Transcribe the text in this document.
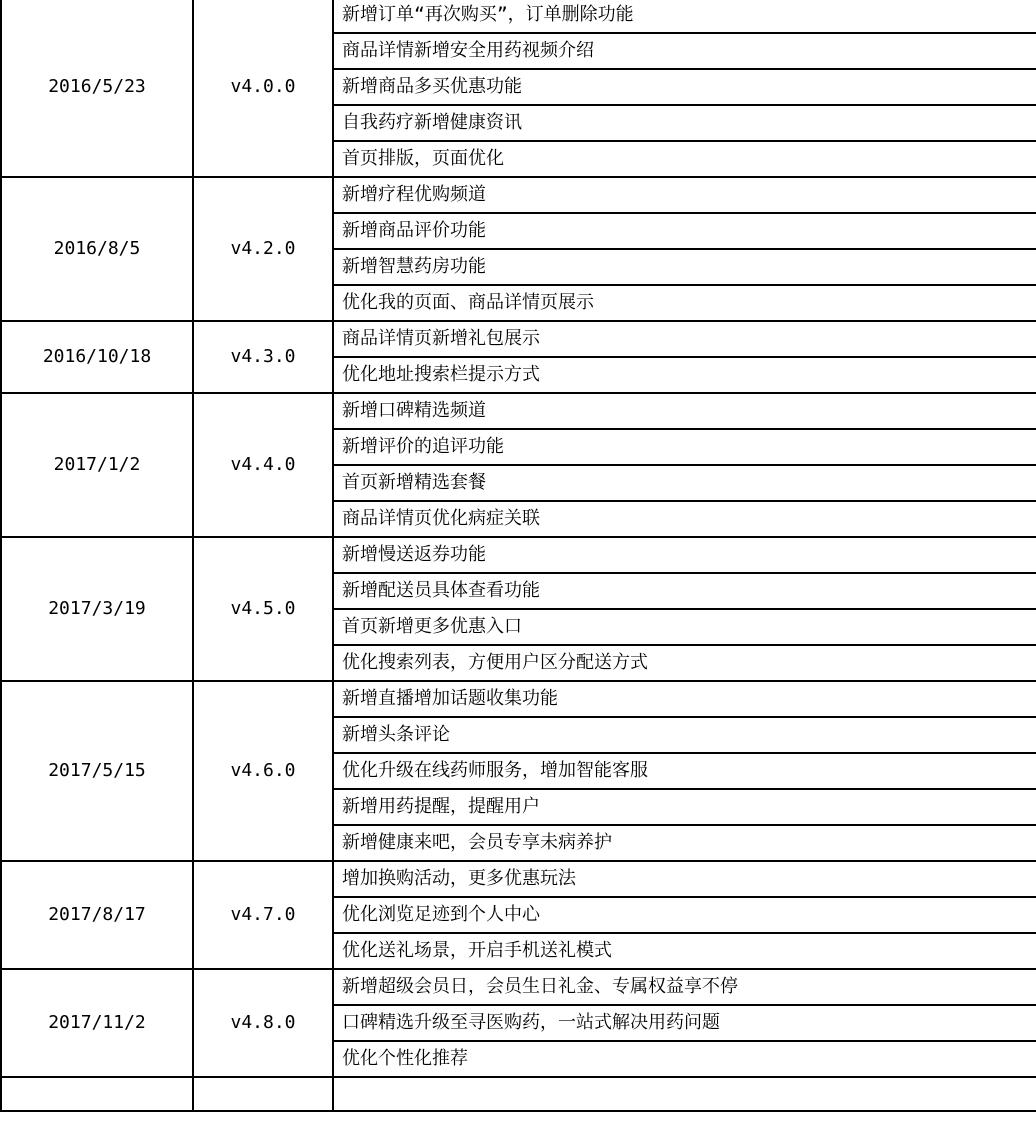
2016/5/23	v4.0.0	新增订单“再次购买”，订单删除功能
		商品详情新增安全用药视频介绍
		新增商品多买优惠功能
		自我药疗新增健康资讯
		首页排版，页面优化
2016/8/5	v4.2.0	新增疗程优购频道
		新增商品评价功能
		新增智慧药房功能
		优化我的页面、商品详情页展示
2016/10/18	v4.3.0	商品详情页新增礼包展示
		优化地址搜索栏提示方式
2017/1/2	v4.4.0	新增口碑精选频道
		新增评价的追评功能
		首页新增精选套餐
		商品详情页优化病症关联
2017/3/19	v4.5.0	新增慢送返券功能
		新增配送员具体查看功能
		首页新增更多优惠入口
		优化搜索列表，方便用户区分配送方式
2017/5/15	v4.6.0	新增直播增加话题收集功能
		新增头条评论
		优化升级在线药师服务，增加智能客服
		新增用药提醒，提醒用户
		新增健康来吧，会员专享未病养护
2017/8/17	v4.7.0	增加换购活动，更多优惠玩法
		优化浏览足迹到个人中心
		优化送礼场景，开启手机送礼模式
2017/11/2	v4.8.0	新增超级会员日，会员生日礼金、专属权益享不停
		口碑精选升级至寻医购药，一站式解决用药问题
		优化个性化推荐
